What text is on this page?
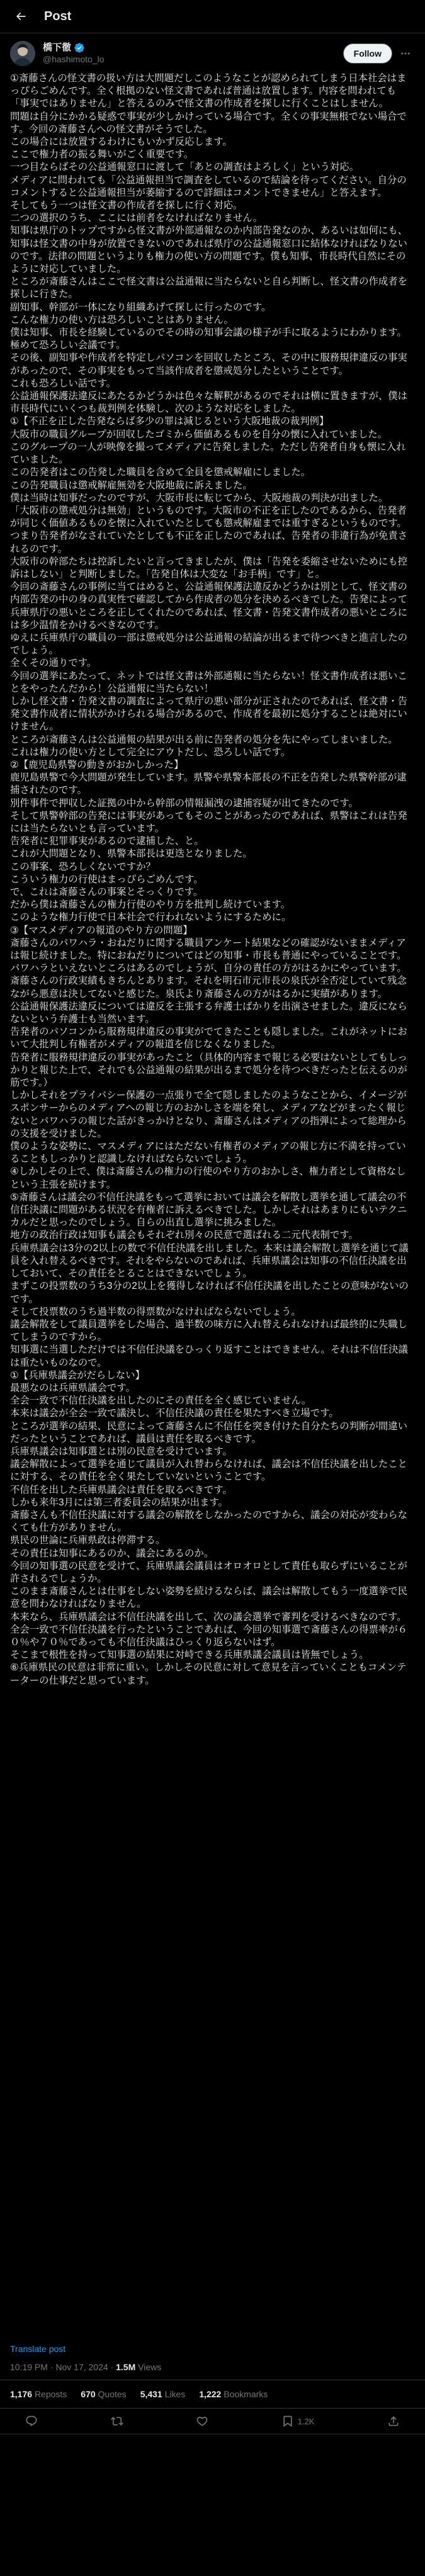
Post
橋下徹
@hashimoto_lo
Follow
①斎藤さんの怪文書の扱い方は大問題だしこのようなことが認められてしまう日本社会はまっぴらごめんです。全く根拠のない怪文書であれば普通は放置します。内容を問われても「事実ではありません」と答えるのみで怪文書の作成者を探しに行くことはしません。
問題は自分にかかる疑惑で事実が少しかけっている場合です。全くの事実無根でない場合です。今回の斎藤さんへの怪文書がそうでした。
この場合には放置するわけにもいかず反応します。
ここで権力者の振る舞いがごく重要です。
一つ目ならばその公益通報窓口に渡して「あとの調査はよろしく」という対応。
メディアに問われても「公益通報担当で調査をしているので結論を待ってください。自分のコメントすると公益通報担当が萎縮するので詳細はコメントできません」と答えます。
そしてもう一つは怪文書の作成者を探しに行く対応。
二つの選択のうち、ここには前者をなければなりません。
知事は県庁のトップですから怪文書が外部通報なのか内部告発なのか、あるいは如何にも、知事は怪文書の中身が放置できないのであれば県庁の公益通報窓口に結体なければなりないのです。法律の問題というよりも権力の使い方の問題です。僕も知事、市長時代自然にそのように対応していました。
ところが斎藤さんはここで怪文書は公益通報に当たらないと自ら判断し、怪文書の作成者を探しに行きた。
副知事、幹部が一体になり組織あげて探しに行ったのです。
こんな権力の使い方は恐ろしいことはありません。
僕は知事、市長を経験しているのでその時の知事会議の様子が手に取るようにわかります。
極めて恐ろしい会議です。
その後、副知事や作成者を特定しパソコンを回収したところ、その中に服務規律違反の事実があったので、その事実をもって当該作成者を懲戒処分したということです。
これも恐ろしい話です。
公益通報保護法違反にあたるかどうかは色々な解釈があるのでそれは横に置きますが、僕は市長時代にいくつも裁判例を体験し、次のような対応をしました。
①【不正を正した告発ならば多少の罪は減じるという大阪地裁の裁判例】
大阪市の職員グループが回収したゴミから価値あるものを自分の懐に入れていました。
このグループの一人が映像を撮ってメディアに告発しました。ただし告発者自身も懐に入れていました。
この告発者はこの告発した職員を含めて全員を懲戒解雇にしました。
この告発職員は懲戒解雇無効を大阪地裁に訴えました。
僕は当時は知事だったのですが、大阪市長に転じてから、大阪地裁の判決が出ました。
「大阪市の懲戒処分は無効」というものです。大阪市の不正を正したのであるから、告発者が同じく価値あるものを懐に入れていたとしても懲戒解雇までは重すぎるというものです。
つまり告発者がなされていたとしても不正を正したのであれば、告発者の非違行為が免責されるのです。
大阪市の幹部たちは控訴したいと言ってきましたが、僕は「告発を委縮させないためにも控訴はしない」と判断しました。「告発自体は大変な「お手柄」です」と。
今回の斎藤さんの事例に当てはめると、公益通報保護法違反かどうかは別として、怪文書の内部告発の中の身の真実性で確認してから作成者の処分を決めるべきでした。告発によって兵庫県庁の悪いところを正してくれたのであれば、怪文書・告発文書作成者の悪いところには多少温情をかけるべきなのです。
ゆえに兵庫県庁の職員の一部は懲戒処分は公益通報の結論が出るまで待つべきと進言したのでしょう。
全くその通りです。
今回の選挙にあたって、ネットでは怪文書は外部通報に当たらない！怪文書作成者は悪いことをやったんだから！公益通報に当たらない！
しかし怪文書・告発文書の調査によって県庁の悪い部分が正されたのであれば、怪文書・告発文書作成者に情状がかけられる場合があるので、作成者を最初に処分することは絶対にいけません。
ところが斎藤さんは公益通報の結果が出る前に告発者の処分を先にやってしまいました。
これは権力の使い方として完全にアウトだし、恐ろしい話です。
②【鹿児島県警の動きがおかしかった】
鹿児島県警で今大問題が発生しています。県警や県警本部長の不正を告発した県警幹部が逮捕されたのです。
別件事件で押収した証拠の中から幹部の情報漏洩の逮捕容疑が出てきたのです。
そして県警幹部の告発には事実があってもそのことがあったのであれば、県警はこれは告発には当たらないとも言っています。
告発者に犯罪事実があるので逮捕した、と。
これが大問題となり、県警本部長は更迭となりました。
この事案、恐ろしくないですか？
こういう権力の行使はまっぴらごめんです。
で、これは斎藤さんの事案とそっくりです。
だから僕は斎藤さんの権力行使のやり方を批判し続けています。
このような権力行使で日本社会で行われないようにするために。
③【マスメディアの報道のやり方の問題】
斎藤さんのパワハラ・おねだりに関する職員アンケート結果などの確認がないままメディアは報じ続けました。特におねだりについてはどの知事・市長も普通にやっていることです。
パワハラといえないところはあるのでしょうが、自分の責任の方がはるかにやっています。
斎藤さんの行政実績もきちんとあります。それを明石市元市長の泉氏が全否定していて残念ながら悪意は決してないと感じた。泉氏より斎藤さんの方がはるかに実績があります。
公益通報保護法違反については違反を主張する弁護士ばかりを出演させました。違反にならないという弁護士も当然います。
告発者のパソコンから服務規律違反の事実がでてきたことも隠しました。これがネットにおいて大批判し有権者がメディアの報道を信じなくなりました。
告発者に服務規律違反の事実があったこと（具体的内容まで報じる必要はないとしてもしっかりと報じた上で、それでも公益通報の結果が出るまで処分を待つべきだったと伝えるのが筋です。）
しかしそれをプライバシー保護の一点張りで全て隠しましたのようなことから、イメージがスポンサーからのメディアへの報じ方のおかしさを端を発し、メディアなどがまったく報じないとパワハラの報じた話がきっかけとなり、斎藤さんはメディアの指弾によって総理からの支援を受けました。
僕のような姿勢に、マスメディアにはただない有権者のメディアの報じ方に不満を持っていることもしっかりと認識しなければならないでしょう。
④しかしその上で、僕は斎藤さんの権力の行使のやり方のおかしさ、権力者として資格なしという主張を続けます。
⑤斎藤さんは議会の不信任決議をもって選挙においては議会を解散し選挙を通して議会の不信任決議に問題がある状況を有権者に訴えるべきでした。しかしそれはあまりにもいテクニカルだと思ったのでしょう。自らの出直し選挙に挑みました。
地方の政治行政は知事も議会もそれぞれ別々の民意で選ばれる二元代表制です。
兵庫県議会は3分の2以上の数で不信任決議を出しました。本来は議会解散し選挙を通じて議員を入れ替えるべきです。それをやらないのであれば、兵庫県議会は知事の不信任決議を出しておいて、その責任をとることはできないでしょう。
まずこの投票数のうち3分の2以上を獲得しなければ不信任決議を出したことの意味がないのです。
そして投票数のうち過半数の得票数がなければならないでしょう。
議会解散をして議員選挙をした場合、過半数の味方に入れ替えられなければ最終的に失職してしまうのですから。
知事選に当選しただけでは不信任決議をひっくり返すことはできません。それは不信任決議は重たいものなので。
①【兵庫県議会がだらしない】
最悪なのは兵庫県議会です。
全会一致で不信任決議を出したのにその責任を全く感じていません。
本来は議会が全会一致で議決し、不信任決議の責任を果たすべき立場です。
ところが選挙の結果、民意によって斎藤さんに不信任を突き付けた自分たちの判断が間違いだったということであれば、議員は責任を取るべきです。
兵庫県議会は知事選とは別の民意を受けています。
議会解散によって選挙を通じて議員が入れ替わらなければ、議会は不信任決議を出したことに対する、その責任を全く果たしていないということです。
不信任を出した兵庫県議会は責任を取るべきです。
しかも来年3月には第三者委員会の結果が出ます。
斎藤さんも不信任決議に対する議会の解散をしなかったのですから、議会の対応が変わらなくても仕方がありません。
県民の世論に兵庫県政は停滞する。
その責任は知事にあるのか、議会にあるのか。
今回の知事選の民意を受けて、兵庫県議会議員はオロオロとして責任も取らずにいることが許されるでしょうか。
このまま斎藤さんとは仕事をしない姿勢を続けるならば、議会は解散してもう一度選挙で民意を問わなければなりません。
本来なら、兵庫県議会は不信任決議を出して、次の議会選挙で審判を受けるべきなのです。
全会一致で不信任決議を行ったということであれば、今回の知事選で斎藤さんの得票率が６０％や７０％であっても不信任決議はひっくり返らないはず。
そこまで根性を持って知事選の結果に対峙できる兵庫県議会議員は皆無でしょう。
⑥兵庫県民の民意は非常に重い。しかしその民意に対して意見を言っていくこともコメンテーターの仕事だと思っています。
Translate post
10:19 PM · Nov 17, 2024 · 1.5M Views
1,176 Reposts 670 Quotes 5,431 Likes 1,222 Bookmarks
1.2K
